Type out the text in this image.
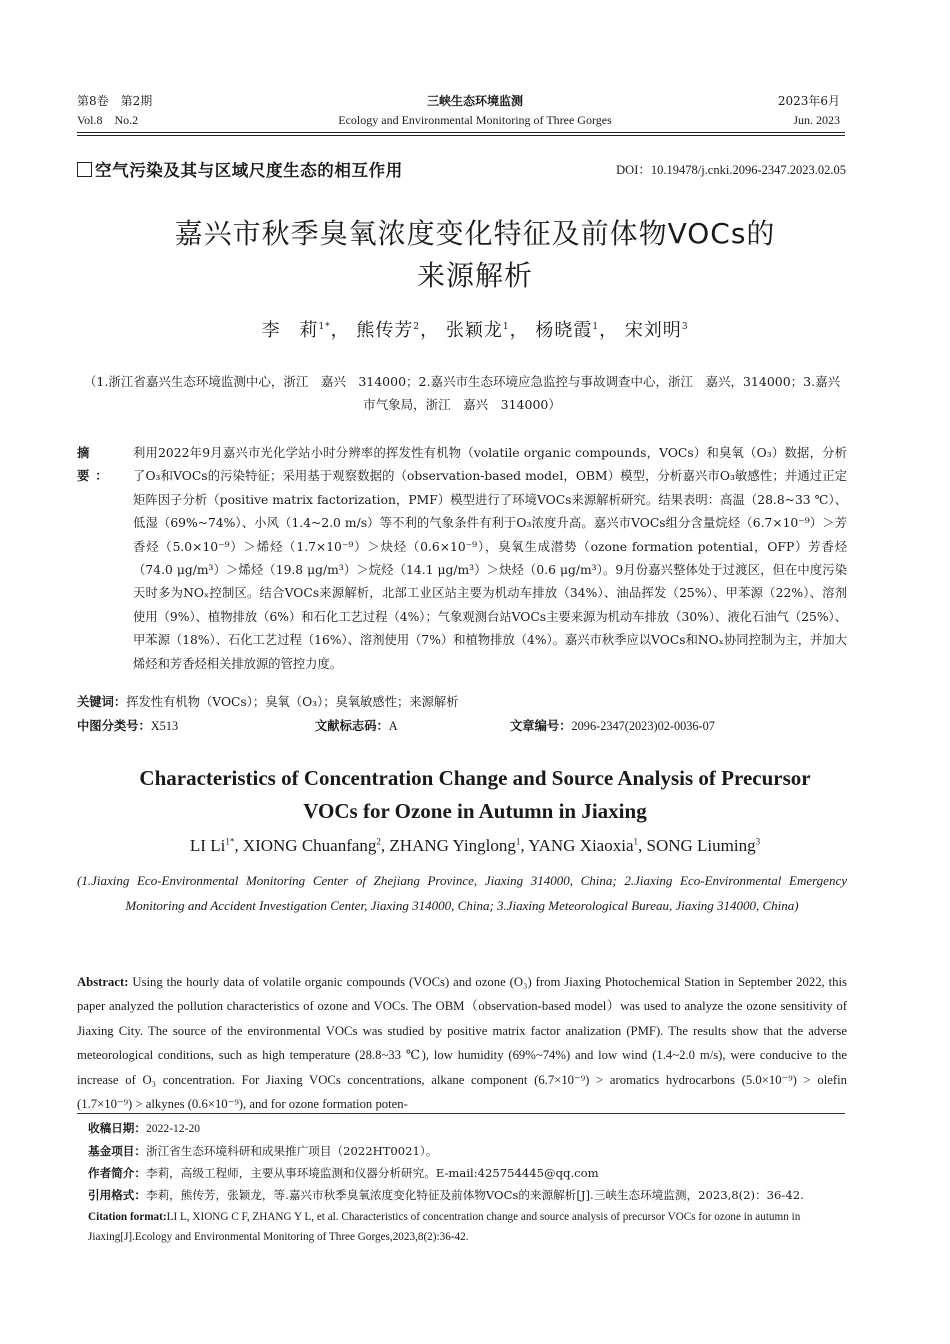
第8卷　第2期
Vol.8　No.2
三峡生态环境监测
Ecology and Environmental Monitoring of Three Gorges
2023年6月
Jun. 2023
空气污染及其与区域尺度生态的相互作用	DOI：10.19478/j.cnki.2096-2347.2023.02.05
嘉兴市秋季臭氧浓度变化特征及前体物VOCs的
来源解析
李　莉$^{1*}$， 熊传芳$^2$， 张颖龙$^1$， 杨晓霞$^1$， 宋刘明$^3$
（1.浙江省嘉兴生态环境监测中心，浙江　嘉兴　314000；2.嘉兴市生态环境应急监控与事故调查中心，浙江　嘉兴，314000；3.嘉兴市气象局，浙江　嘉兴　314000）
摘　要：
利用2022年9月嘉兴市光化学站小时分辨率的挥发性有机物（volatile organic compounds，VOCs）和臭氧（O₃）数据，分析了O₃和VOCs的污染特征；采用基于观察数据的（observation-based model，OBM）模型，分析嘉兴市O₃敏感性；并通过正定矩阵因子分析（positive matrix factorization，PMF）模型进行了环境VOCs来源解析研究。结果表明：高温（28.8~33 ℃）、低湿（69%~74%）、小风（1.4~2.0 m/s）等不利的气象条件有利于O₃浓度升高。嘉兴市VOCs组分含量烷烃（6.7×10⁻⁹）＞芳香烃（5.0×10⁻⁹）＞烯烃（1.7×10⁻⁹）＞炔烃（0.6×10⁻⁹），臭氧生成潜势（ozone formation potential，OFP）芳香烃（74.0 μg/m³）＞烯烃（19.8 μg/m³）＞烷烃（14.1 μg/m³）＞炔烃（0.6 μg/m³）。9月份嘉兴整体处于过渡区，但在中度污染天时多为NOₓ控制区。结合VOCs来源解析，北部工业区站主要为机动车排放（34%）、油品挥发（25%）、甲苯源（22%）、溶剂使用（9%）、植物排放（6%）和石化工艺过程（4%）；气象观测台站VOCs主要来源为机动车排放（30%）、液化石油气（25%）、甲苯源（18%）、石化工艺过程（16%）、溶剂使用（7%）和植物排放（4%）。嘉兴市秋季应以VOCs和NOₓ协同控制为主，并加大烯烃和芳香烃相关排放源的管控力度。
关键词：挥发性有机物（VOCs）；臭氧（O₃）；臭氧敏感性；来源解析
中图分类号：X513	文献标志码：A	文章编号：2096-2347(2023)02-0036-07
Characteristics of Concentration Change and Source Analysis of Precursor
VOCs for Ozone in Autumn in Jiaxing
LI $Li^{1*}$, XIONG Chuanfang$^2$, ZHANG Yinglong$^1$, YANG Xiaoxia$^1$, SONG Liuming$^3$
(1.Jiaxing Eco-Environmental Monitoring Center of Zhejiang Province, Jiaxing 314000, China; 2.Jiaxing Eco-Environmental Emergency Monitoring and Accident Investigation Center, Jiaxing 314000, China; 3.Jiaxing Meteorological Bureau, Jiaxing 314000, China)
Abstract: Using the hourly data of volatile organic compounds (VOCs) and ozone (O₃) from Jiaxing Photochemical Station in September 2022, this paper analyzed the pollution characteristics of ozone and VOCs. The OBM（observation-based model）was used to analyze the ozone sensitivity of Jiaxing City. The source of the environmental VOCs was studied by positive matrix factor analization (PMF). The results show that the adverse meteorological conditions, such as high temperature (28.8~33 ℃), low humidity (69%~74%) and low wind (1.4~2.0 m/s), were conducive to the increase of O₃ concentration. For Jiaxing VOCs concentrations, alkane component (6.7×10⁻⁹) > aromatics hydrocarbons (5.0×10⁻⁹) > olefin (1.7×10⁻⁹) > alkynes (0.6×10⁻⁹), and for ozone formation poten-
收稿日期：2022-12-20
基金项目：浙江省生态环境科研和成果推广项目（2022HT0021）。
作者简介：李莉，高级工程师，主要从事环境监测和仪器分析研究。E-mail:425754445@qq.com
引用格式：李莉，熊传芳，张颖龙，等.嘉兴市秋季臭氧浓度变化特征及前体物VOCs的来源解析[J].三峡生态环境监测，2023,8(2)：36-42.
Citation format:LI L, XIONG C F, ZHANG Y L, et al. Characteristics of concentration change and source analysis of precursor VOCs for ozone in autumn in Jiaxing[J].Ecology and Environmental Monitoring of Three Gorges,2023,8(2):36-42.
